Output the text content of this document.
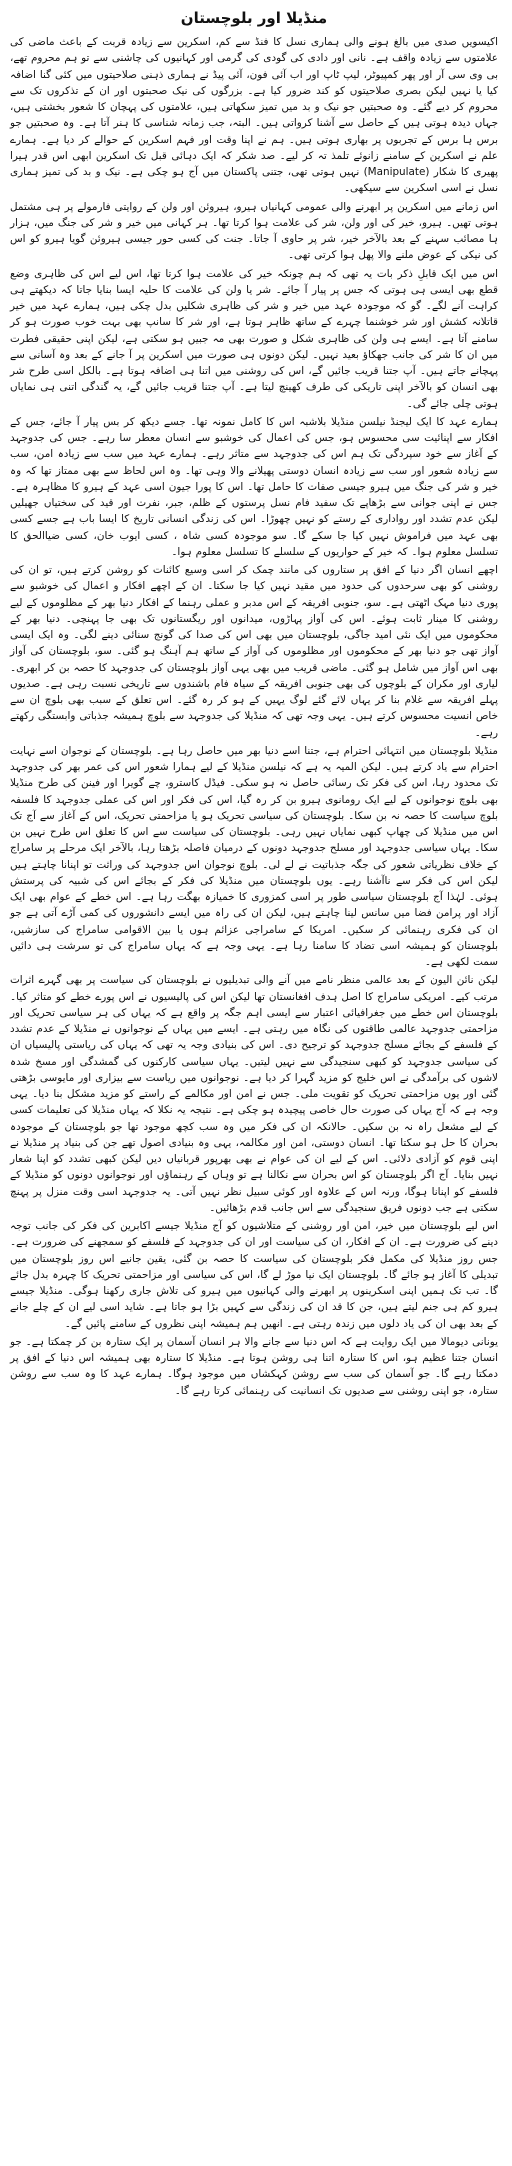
منڈیلا اور بلوچستان

اکیسویں صدی میں بالغ ہونے والی ہماری نسل کا فنڈ سے کم، اسکرین سے زیادہ قربت کے باعث ماضی کی علامتوں سے زیادہ واقف ہے۔ نانی اور دادی کی گودی کی گرمی اور کہانیوں کی چاشنی سے تو ہم محروم تھے، بی وی سی آر اور پھر کمپیوٹر، لیپ ٹاپ اور اب آئی فون، آئی پیڈ نے ہماری ذہنی صلاحیتوں میں کئی گنا اضافہ کیا یا نہیں لیکن بصری صلاحیتوں کو کند ضرور کیا ہے۔ بزرگوں کی نیک صحبتوں اور ان کے تذکروں تک سے محروم کر دیے گئے۔ وہ صحبتیں جو نیک و بد میں تمیز سکھاتی ہیں، علامتوں کی پہچان کا شعور بخشتی ہیں، جہاں دیدہ ہوتی ہیں کے حاصل سے آشنا کرواتی ہیں۔ البتہ، جب زمانہ شناسی کا ہنر آتا ہے۔ وہ صحبتیں جو برس ہا برس کے تجربوں پر بھاری ہوتی ہیں۔ ہم نے اپنا وقت اور فہم اسکرین کے حوالے کر دیا ہے۔ ہمارے علم نے اسکرین کے سامنے زانوئے تلمذ تہ کر لیے۔ صد شکر کہ ایک دہائی قبل تک اسکرین ابھی اس قدر ہیرا پھیری کا شکار (Manipulate) نہیں ہوتی تھی، جتنی پاکستان میں آج ہو چکی ہے۔ نیک و بد کی تمیز ہماری نسل نے اسی اسکرین سے سیکھی۔

اس زمانے میں اسکرین پر ابھرنے والی عمومی کہانیاں ہیرو، ہیروئن اور ولن کے روایتی فارمولے پر ہی مشتمل ہوتی تھیں۔ ہیرو، خیر کی اور ولن، شر کی علامت ہوا کرتا تھا۔ ہر کہانی میں خیر و شر کی جنگ میں، ہزار ہا مصائب سہنے کے بعد بالآخر خیر، شر پر حاوی آ جاتا۔ جنت کی کسی حور جیسی ہیروئن گویا ہیرو کو اس کی نیکی کے عوض ملنے والا پھل ہوا کرتی تھی۔

اس میں ایک قابلِ ذکر بات یہ تھی کہ ہم چونکہ خیر کی علامت ہوا کرتا تھا، اس لیے اس کی ظاہری وضع قطع بھی ایسی ہی ہوتی کہ جس پر پیار آ جائے۔ شر یا ولن کی علامت کا حلیہ ایسا بنایا جاتا کہ دیکھتے ہی کراہت آنے لگے۔ گو کہ موجودہ عہد میں خیر و شر کی ظاہری شکلیں بدل چکی ہیں، ہمارے عہد میں خیر قاتلانہ کشش اور شر خوشنما چہرے کے ساتھ ظاہر ہوتا ہے، اور شر کا سانپ بھی بہت خوب صورت ہو کر سامنے آتا ہے۔ ایسے ہی ولن کی ظاہری شکل و صورت بھی مہ جبیں ہو سکتی ہے، لیکن اپنی حقیقی فطرت میں ان کا شر کی جانب جھکاؤ بعید نہیں۔ لیکن دونوں ہی صورت میں اسکرین پر آ جانے کے بعد وہ آسانی سے پہچانے جاتے ہیں۔ آپ جتنا قریب جائیں گے، اس کی روشنی میں اتنا ہی اضافہ ہوتا ہے۔ بالکل اسی طرح شر بھی انسان کو بالآخر اپنی تاریکی کی طرف کھینچ لیتا ہے۔ آپ جتنا قریب جائیں گے، یہ گندگی اتنی ہی نمایاں ہوتی چلی جائے گی۔

ہمارے عہد کا ایک لیجنڈ نیلسن منڈیلا بلاشبہ اس کا کامل نمونہ تھا۔ جسے دیکھ کر بس پیار آ جائے، جس کے افکار سے اپنائیت سی محسوس ہو، جس کی اعمال کی خوشبو سے انسان معطر سا رہے۔ جس کی جدوجہد کے آغاز سے خود سپردگی تک ہم اس کی جدوجہد سے متاثر رہے۔ ہمارے عہد میں سب سے زیادہ امن، سب سے زیادہ شعور اور سب سے زیادہ انسان دوستی پھیلانے والا وہی تھا۔ وہ اس لحاظ سے بھی ممتاز تھا کہ وہ خیر و شر کی جنگ میں ہیرو جیسی صفات کا حامل تھا۔ اس کا پورا جیون اسی عہد کے ہیرو کا مظاہرہ ہے۔ جس نے اپنی جوانی سے بڑھاپے تک سفید فام نسل پرستوں کے ظلم، جبر، نفرت اور قید کی سختیاں جھیلیں لیکن عدم تشدد اور رواداری کے رستے کو نہیں چھوڑا۔ اس کی زندگی انسانی تاریخ کا ایسا باب ہے جسے کسی بھی عہد میں فراموش نہیں کیا جا سکے گا۔ سو موجودہ کسی شاہ ، کسی ایوب خان، کسی ضیاالحق کا تسلسل معلوم ہوا۔ کہ خیر کے حواریوں کے سلسلے کا تسلسل معلوم ہوا۔

اچھے انسان اگر دنیا کے افق پر ستاروں کی مانند چمک کر اسی وسیع کائنات کو روشن کرتے ہیں، تو ان کی روشنی کو بھی سرحدوں کی حدود میں مقید نہیں کیا جا سکتا۔ ان کے اچھے افکار و اعمال کی خوشبو سے پوری دنیا مہک اٹھتی ہے۔ سو، جنوبی افریقہ کے اس مدبر و عملی رہنما کے افکار دنیا بھر کے مظلوموں کے لیے روشنی کا مینار ثابت ہوئے۔ اس کی آواز پہاڑوں، میدانوں اور ریگستانوں تک بھی جا پہنچی۔ دنیا بھر کے محکوموں میں ایک نئی امید جاگی، بلوچستان میں بھی اس کی صدا کی گونج سنائی دینے لگی۔ وہ ایک ایسی آواز تھی جو دنیا بھر کے محکوموں اور مظلوموں کی آواز کے ساتھ ہم آہنگ ہو گئی۔ سو، بلوچستان کی آواز بھی اس آواز میں شامل ہو گئی۔ ماضی قریب میں بھی یہی آواز بلوچستان کی جدوجہد کا حصہ بن کر ابھری۔ لیاری اور مکران کے بلوچوں کی بھی جنوبی افریقہ کے سیاہ فام باشندوں سے تاریخی نسبت رہی ہے۔ صدیوں پہلے افریقہ سے غلام بنا کر یہاں لائے گئے لوگ یہیں کے ہو کر رہ گئے۔ اس تعلق کے سبب بھی بلوچ ان سے خاص انسیت محسوس کرتے ہیں۔ یہی وجہ تھی کہ منڈیلا کی جدوجہد سے بلوچ ہمیشہ جذباتی وابستگی رکھتے رہے۔

منڈیلا بلوچستان میں انتہائی احترام ہے، جتنا اسے دنیا بھر میں حاصل رہا ہے۔ بلوچستان کے نوجوان اسے نہایت احترام سے یاد کرتے ہیں۔ لیکن المیہ یہ ہے کہ نیلسن منڈیلا کے لیے ہمارا شعور اس کی عمر بھر کی جدوجہد تک محدود رہا، اس کی فکر تک رسائی حاصل نہ ہو سکی۔ فیڈل کاسترو، چے گویرا اور فینن کی طرح منڈیلا بھی بلوچ نوجوانوں کے لیے ایک رومانوی ہیرو بن کر رہ گیا، اس کی فکر اور اس کی عملی جدوجہد کا فلسفہ بلوچ سیاست کا حصہ نہ بن سکا۔ بلوچستان کی سیاسی تحریک ہو یا مزاحمتی تحریک، اس کے آغاز سے آج تک اس میں منڈیلا کی چھاپ کبھی نمایاں نہیں رہی۔ بلوچستان کی سیاست سے اس کا تعلق اس طرح نہیں بن سکا۔ یہاں سیاسی جدوجہد اور مسلح جدوجہد دونوں کے درمیان فاصلہ بڑھتا رہا، بالآخر ایک مرحلے پر سامراج کے خلاف نظریاتی شعور کی جگہ جذباتیت نے لے لی۔ بلوچ نوجوان اس جدوجہد کی وراثت تو اپنانا چاہتے ہیں لیکن اس کی فکر سے ناآشنا رہے۔ یوں بلوچستان میں منڈیلا کی فکر کے بجائے اس کی شبیہ کی پرستش ہوئی۔ لہٰذا آج بلوچستان سیاسی طور پر اسی کمزوری کا خمیازہ بھگت رہا ہے۔ اس خطے کے عوام بھی ایک آزاد اور پرامن فضا میں سانس لینا چاہتے ہیں، لیکن ان کی راہ میں ایسے دانشوروں کی کمی آڑے آتی ہے جو ان کی فکری رہنمائی کر سکیں۔ امریکا کے سامراجی عزائم ہوں یا بین الاقوامی سامراج کی سازشیں، بلوچستان کو ہمیشہ اسی تضاد کا سامنا رہا ہے۔ یہی وجہ ہے کہ یہاں سامراج کی تو سرشت ہی دائیں سمت لکھی ہے۔

لیکن نائن الیون کے بعد عالمی منظر نامے میں آنے والی تبدیلیوں نے بلوچستان کی سیاست پر بھی گہرے اثرات مرتب کیے۔ امریکی سامراج کا اصل ہدف افغانستان تھا لیکن اس کی پالیسیوں نے اس پورے خطے کو متاثر کیا۔ بلوچستان اس خطے میں جغرافیائی اعتبار سے ایسی اہم جگہ پر واقع ہے کہ یہاں کی ہر سیاسی تحریک اور مزاحمتی جدوجہد عالمی طاقتوں کی نگاہ میں رہتی ہے۔ ایسے میں یہاں کے نوجوانوں نے منڈیلا کے عدم تشدد کے فلسفے کے بجائے مسلح جدوجہد کو ترجیح دی۔ اس کی بنیادی وجہ یہ تھی کہ یہاں کی ریاستی پالیسیاں ان کی سیاسی جدوجہد کو کبھی سنجیدگی سے نہیں لیتیں۔ یہاں سیاسی کارکنوں کی گمشدگی اور مسخ شدہ لاشوں کی برآمدگی نے اس خلیج کو مزید گہرا کر دیا ہے۔ نوجوانوں میں ریاست سے بیزاری اور مایوسی بڑھتی گئی اور یوں مزاحمتی تحریک کو تقویت ملی۔ جس نے امن اور مکالمے کے راستے کو مزید مشکل بنا دیا۔ یہی وجہ ہے کہ آج یہاں کی صورت حال خاصی پیچیدہ ہو چکی ہے۔ نتیجہ یہ نکلا کہ یہاں منڈیلا کی تعلیمات کسی کے لیے مشعل راہ نہ بن سکیں۔ حالانکہ ان کی فکر میں وہ سب کچھ موجود تھا جو بلوچستان کے موجودہ بحران کا حل ہو سکتا تھا۔ انسان دوستی، امن اور مکالمہ، یہی وہ بنیادی اصول تھے جن کی بنیاد پر منڈیلا نے اپنی قوم کو آزادی دلائی۔ اس کے لیے ان کی عوام نے بھی بھرپور قربانیاں دیں لیکن کبھی تشدد کو اپنا شعار نہیں بنایا۔ آج اگر بلوچستان کو اس بحران سے نکالنا ہے تو وہاں کے رہنماؤں اور نوجوانوں دونوں کو منڈیلا کے فلسفے کو اپنانا ہوگا، ورنہ اس کے علاوہ اور کوئی سبیل نظر نہیں آتی۔ یہ جدوجہد اسی وقت منزل پر پہنچ سکتی ہے جب دونوں فریق سنجیدگی سے اس جانب قدم بڑھائیں۔

اس لیے بلوچستان میں خیر، امن اور روشنی کے متلاشیوں کو آج منڈیلا جیسے اکابرین کی فکر کی جانب توجہ دینے کی ضرورت ہے۔ ان کے افکار، ان کی سیاست اور ان کی جدوجہد کے فلسفے کو سمجھنے کی ضرورت ہے۔ جس روز منڈیلا کی مکمل فکر بلوچستان کی سیاست کا حصہ بن گئی، یقین جانیے اس روز بلوچستان میں تبدیلی کا آغاز ہو جائے گا۔ بلوچستان ایک نیا موڑ لے گا، اس کی سیاسی اور مزاحمتی تحریک کا چہرہ بدل جائے گا۔ تب تک ہمیں اپنی اسکرینوں پر ابھرنے والی کہانیوں میں ہیرو کی تلاش جاری رکھنا ہوگی۔ منڈیلا جیسے ہیرو کم ہی جنم لیتے ہیں، جن کا قد ان کی زندگی سے کہیں بڑا ہو جاتا ہے۔ شاید اسی لیے ان کے چلے جانے کے بعد بھی ان کی یاد دلوں میں زندہ رہتی ہے۔ انھیں ہم ہمیشہ اپنی نظروں کے سامنے پائیں گے۔

یونانی دیومالا میں ایک روایت ہے کہ اس دنیا سے جانے والا ہر انسان آسمان پر ایک ستارہ بن کر چمکتا ہے۔ جو انسان جتنا عظیم ہو، اس کا ستارہ اتنا ہی روشن ہوتا ہے۔ منڈیلا کا ستارہ بھی ہمیشہ اس دنیا کے افق پر دمکتا رہے گا۔ جو آسمان کی سب سے روشن کہکشاں میں موجود ہوگا۔ ہمارے عہد کا وہ سب سے روشن ستارہ، جو اپنی روشنی سے صدیوں تک انسانیت کی رہنمائی کرتا رہے گا۔
